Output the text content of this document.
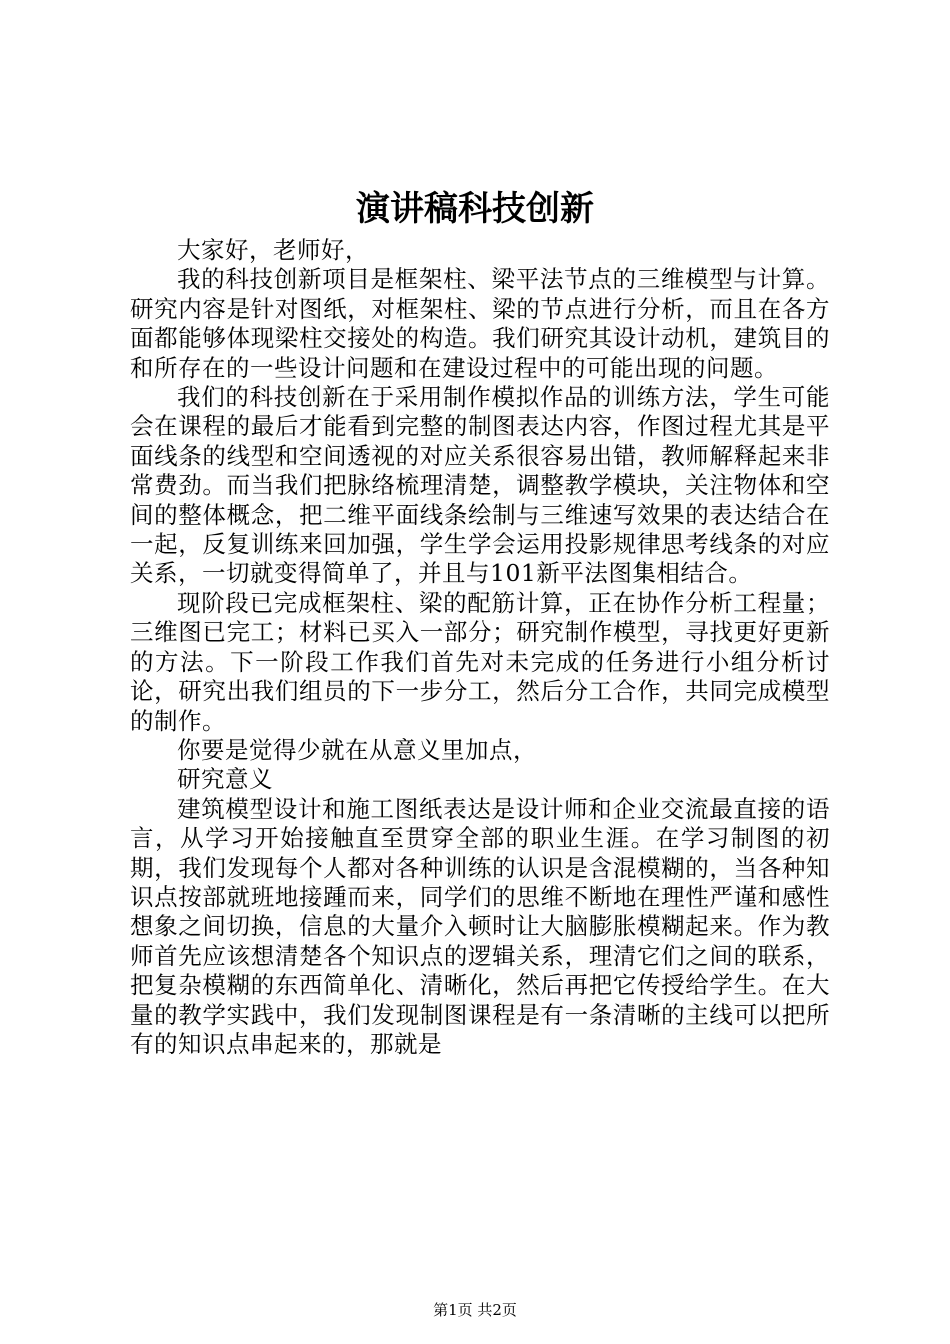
演讲稿科技创新

大家好，老师好，

我的科技创新项目是框架柱、梁平法节点的三维模型与计算。研究内容是针对图纸，对框架柱、梁的节点进行分析，而且在各方面都能够体现梁柱交接处的构造。我们研究其设计动机，建筑目的和所存在的一些设计问题和在建设过程中的可能出现的问题。

我们的科技创新在于采用制作模拟作品的训练方法，学生可能会在课程的最后才能看到完整的制图表达内容，作图过程尤其是平面线条的线型和空间透视的对应关系很容易出错，教师解释起来非常费劲。而当我们把脉络梳理清楚，调整教学模块，关注物体和空间的整体概念，把二维平面线条绘制与三维速写效果的表达结合在一起，反复训练来回加强，学生学会运用投影规律思考线条的对应关系，一切就变得简单了，并且与101新平法图集相结合。

现阶段已完成框架柱、梁的配筋计算，正在协作分析工程量；三维图已完工；材料已买入一部分；研究制作模型，寻找更好更新的方法。下一阶段工作我们首先对未完成的任务进行小组分析讨论，研究出我们组员的下一步分工，然后分工合作，共同完成模型的制作。

你要是觉得少就在从意义里加点，

研究意义

建筑模型设计和施工图纸表达是设计师和企业交流最直接的语言，从学习开始接触直至贯穿全部的职业生涯。在学习制图的初期，我们发现每个人都对各种训练的认识是含混模糊的，当各种知识点按部就班地接踵而来，同学们的思维不断地在理性严谨和感性想象之间切换，信息的大量介入顿时让大脑膨胀模糊起来。作为教师首先应该想清楚各个知识点的逻辑关系，理清它们之间的联系，把复杂模糊的东西简单化、清晰化，然后再把它传授给学生。在大量的教学实践中，我们发现制图课程是有一条清晰的主线可以把所有的知识点串起来的，那就是

第1页 共2页
